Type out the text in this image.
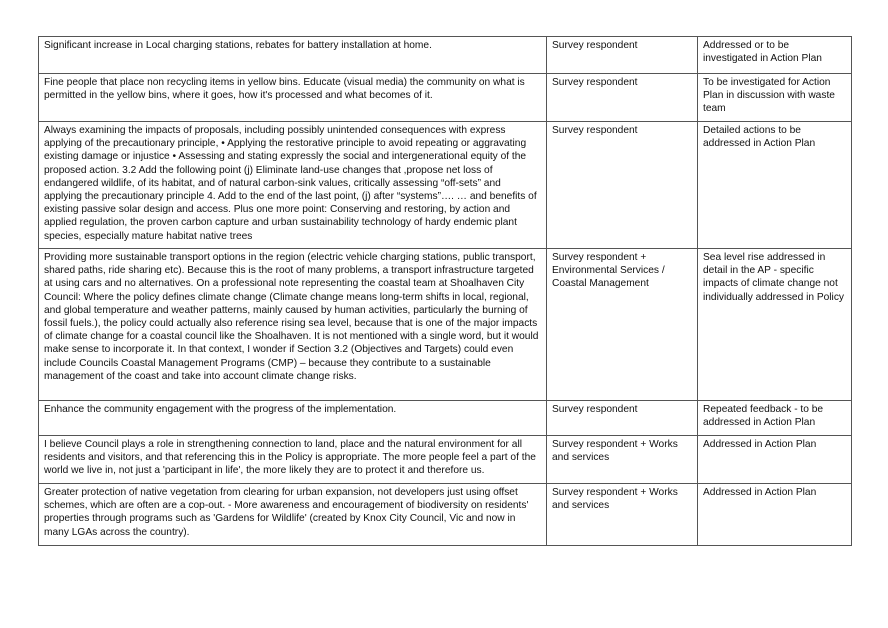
Significant increase in Local charging stations, rebates for battery installation at home.	Survey respondent	Addressed or to be investigated in Action Plan
Fine people that place non recycling items in yellow bins. Educate (visual media) the community on what is permitted in the yellow bins, where it goes, how it's processed and what becomes of it.	Survey respondent	To be investigated for Action Plan in discussion with waste team
Always examining the impacts of proposals, including possibly unintended consequences with express applying of the precautionary principle, • Applying the restorative principle to avoid repeating or aggravating existing damage or injustice • Assessing and stating expressly the social and intergenerational equity of the proposed action. 3.2 Add the following point (j) Eliminate land-use changes that ,propose net loss of endangered wildlife, of its habitat, and of natural carbon-sink values, critically assessing “off-sets” and applying the precautionary principle 4. Add to the end of the last point, (j) after “systems”…. … and benefits of existing passive solar design and access. Plus one more point: Conserving and restoring, by action and applied regulation, the proven carbon capture and urban sustainability technology of hardy endemic plant species, especially mature habitat native trees	Survey respondent	Detailed actions to be addressed in Action Plan
Providing more sustainable transport options in the region (electric vehicle charging stations, public transport, shared paths, ride sharing etc). Because this is the root of many problems, a transport infrastructure targeted at using cars and no alternatives. On a professional note representing the coastal team at Shoalhaven City Council: Where the policy defines climate change (Climate change means long-term shifts in local, regional, and global temperature and weather patterns, mainly caused by human activities, particularly the burning of fossil fuels.), the policy could actually also reference rising sea level, because that is one of the major impacts of climate change for a coastal council like the Shoalhaven. It is not mentioned with a single word, but it would make sense to incorporate it. In that context, I wonder if Section 3.2 (Objectives and Targets) could even include Councils Coastal Management Programs (CMP) – because they contribute to a sustainable management of the coast and take into account climate change risks.	Survey respondent + Environmental Services / Coastal Management	Sea level rise addressed in detail in the AP - specific impacts of climate change not individually addressed in Policy
Enhance the community engagement with the progress of the implementation.	Survey respondent	Repeated feedback - to be addressed in Action Plan
I believe Council plays a role in strengthening connection to land, place and the natural environment for all residents and visitors, and that referencing this in the Policy is appropriate. The more people feel a part of the world we live in, not just a 'participant in life', the more likely they are to protect it and therefore us.	Survey respondent + Works and services	Addressed in Action Plan
Greater protection of native vegetation from clearing for urban expansion, not developers just using offset schemes, which are often are a cop-out. - More awareness and encouragement of biodiversity on residents' properties through programs such as 'Gardens for Wildlife' (created by Knox City Council, Vic and now in many LGAs across the country).	Survey respondent + Works and services	Addressed in Action Plan
